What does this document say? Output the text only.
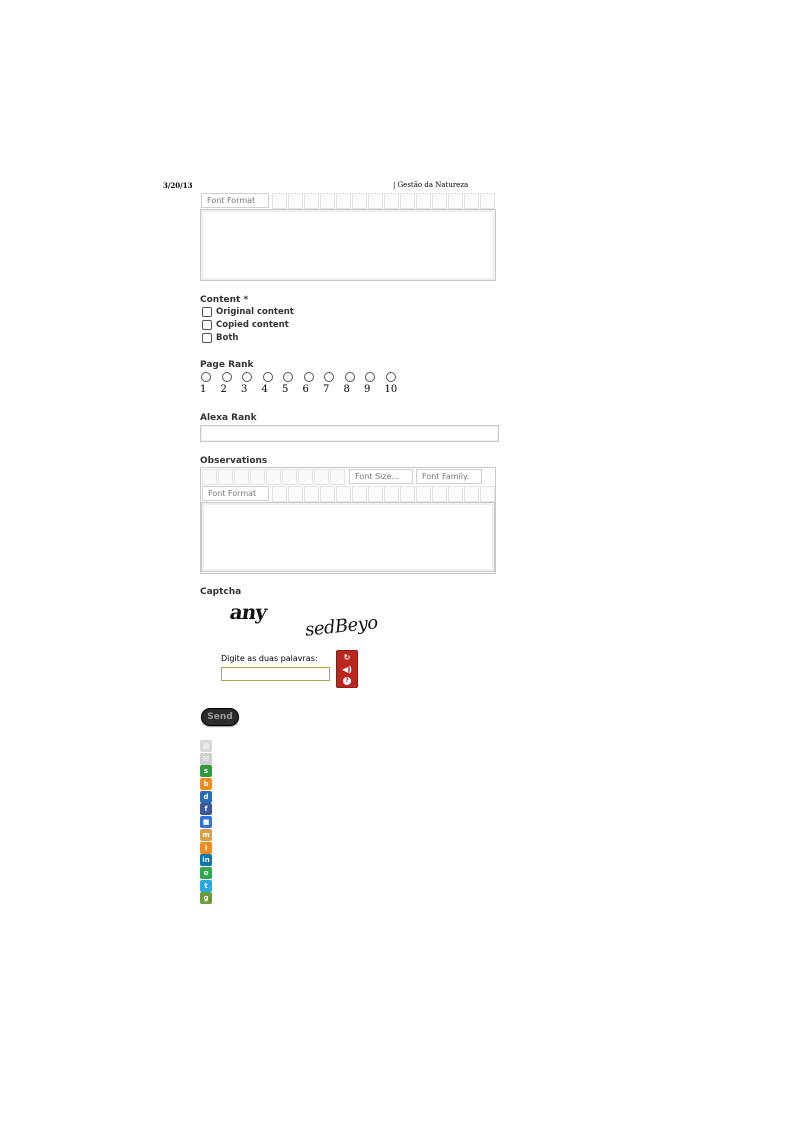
3/20/13	| Gestão da Natureza
Font Format
Content *
Original content
Copied content
Both
Page Rank
1 2 3 4 5 6 7 8 9 10
Alexa Rank
Observations
Font Size...	Font Family.
Font Format
Captcha
any
sedBeyo
Digite as duas palavras:	↻
◀)
?
Send
▤
✉
s
b
d
f
■
m
)
in
o
t
g
